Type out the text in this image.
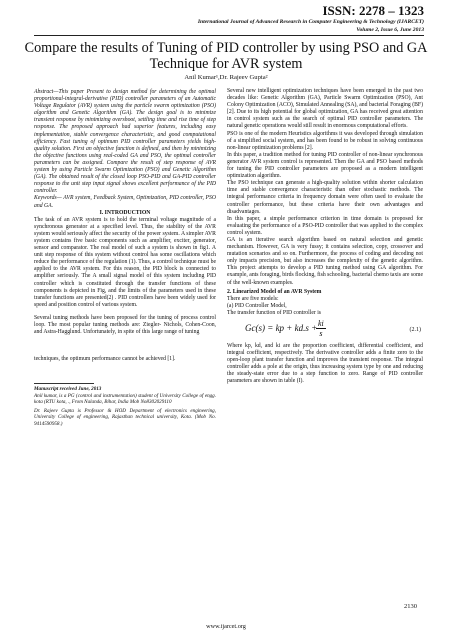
ISSN: 2278 – 1323
International Journal of Advanced Research in Computer Engineering & Technology (IJARCET)
Volume 2, Issue 6, June 2013
Compare the results of Tuning of PID controller by using PSO and GA Technique for AVR system
Anil Kumar¹,Dr. Rajeev Gupta²

Abstract—This paper Present to design method for determining the optimal proportional-integral-derivative (PID) controller parameters of an Automatic Voltage Regulator (AVR) system using the particle swarm optimization (PSO) algorithm and Genetic Algorithm (GA). The design goal is to minimize transient response by minimizing overshoot, settling time and rise time of step response. The proposed approach had superior features, including easy implementation, stable convergence characteristic, and good computational efficiency. Fast tuning of optimum PID controller parameters yields high-quality solution. First an objective function is defined, and then by minimizing the objective functions using real-coded GA and PSO, the optimal controller parameters can be assigned. Compare the result of step response of AVR system by using Particle Swarm Optimization (PSO) and Genetic Algorithm (GA). The obtained result of the closed loop PSO-PID and GA-PID controller response to the unit step input signal shows excellent performance of the PID controller.

Keywords— AVR system, Feedback System, Optimization, PID controller, PSO and GA.

I. INTRODUCTION

The task of an AVR system is to hold the terminal voltage magnitude of a synchronous generator at a specified level. Thus, the stability of the AVR system would seriously affect the security of the power system. A simpler AVR system contains five basic components such as amplifier, exciter, generator, sensor and comparator. The real model of such a system is shown in fig1. A unit step response of this system without control has some oscillations which reduce the performance of the regulation (1). Thus, a control technique must be applied to the AVR system. For this reason, the PID block is connected to amplifier seriously. The A small signal model of this system including PID controller which is constituted through the transfer functions of these components is depicted in Fig, and the limits of the parameters used in these transfer functions are presented(2) . PID controllers have been widely used for speed and position control of various system.

Several tuning methods have been proposed for the tuning of process control loop. The most popular tuning methods are: Ziegler- Nichols, Cohen-Coon, and Astra-Hagglund. Unfortunately, in spite of this large range of tuning

techniques, the optimum performance cannot be achieved [1].

Manuscript received June, 2013

Anil kumar, is a PG (control and instrumentation) student of University College of engg. kota (RTU kota, ., From Nalanda, Bihar, India Mob No8302029110

Dr. Rajeev Gupta is Professor & HOD Department of electronics engineering, University College of engineering, Rajasthan technical university, Kota. (Mob No. 9414590958.)

Several new intelligent optimization techniques have been emerged in the past two decades like: Genetic Algorithm (GA), Particle Swarm Optimization (PSO), Ant Colony Optimization (ACO), Simulated Annealing (SA), and bacterial Foraging (BF) [2]. Due to its high potential for global optimization, GA has received great attention in control system such as the search of optimal PID controller parameters. The natural genetic operations would still result in enormous computational efforts.

PSO is one of the modern Heuristics algorithms it was developed through simulation of a simplified social system, and has been found to be robust in solving continuous non-linear optimization problems [2].

In this paper, a tradition method for tuning PID controller of non-linear synchronous generator AVR system control is represented. Then the GA and PSO based methods for tuning the PID controller parameters are proposed as a modern intelligent optimization algorithm.

The PSO technique can generate a high-quality solution within shorter calculation time and stable convergence characteristic than other stochastic methods. The integral performance criteria in frequency domain were often used to evaluate the controller performance, but these criteria have their own advantages and disadvantages.

In this paper, a simple performance criterion in time domain is proposed for evaluating the performance of a PSO-PID controller that was applied to the complex control system.

GA is an iterative search algorithm based on natural selection and genetic mechanism. However, GA is very fussy; it contains selection, copy, crossover and mutation scenarios and so on. Furthermore, the process of coding and decoding not only impacts precision, but also increases the complexity of the genetic algorithm. This project attempts to develop a PID tuning method using GA algorithm. For example, ants foraging, birds flocking, fish schooling, bacterial chemo taxis are some of the well-known examples.

2. Linearized Model of an AVR System

There are five models:

(a) PID Controller Model,

The transfer function of PID controller is

Gc(s) = kp + kd.s +
$\frac{ki}{s}$	(2.1)

Where kp, kd, and ki are the proportion coefficient, differential coefficient, and integral coefficient, respectively. The derivative controller adds a finite zero to the open-loop plant transfer function and improves the transient response. The integral controller adds a pole at the origin, thus increasing system type by one and reducing the steady-state error due to a step function to zero. Range of PID controller parameters are shown in table (I).

2130
www.ijarcet.org
